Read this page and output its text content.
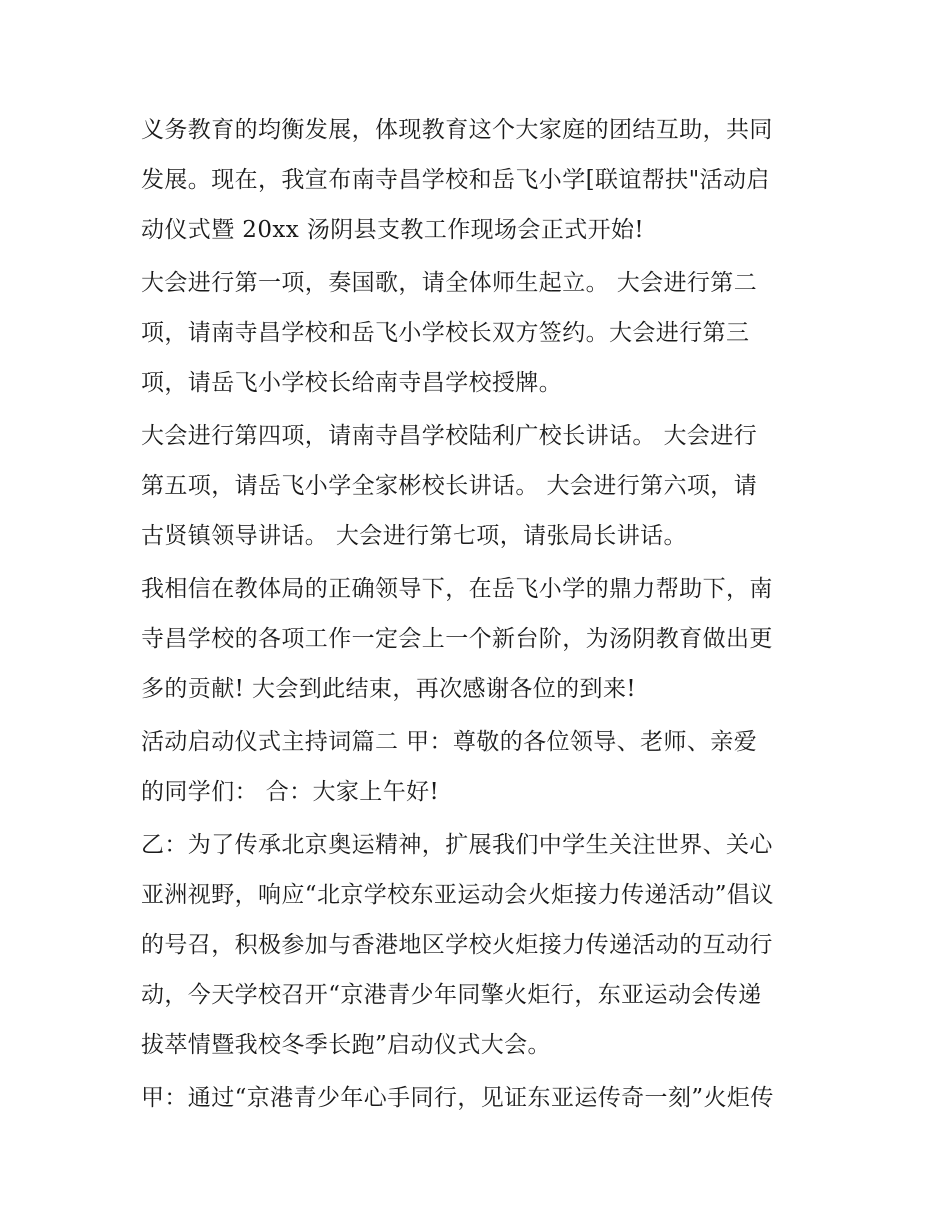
义务教育的均衡发展，体现教育这个大家庭的团结互助，共同
发展。现在，我宣布南寺昌学校和岳飞小学[联谊帮扶"活动启
动仪式暨 20xx 汤阴县支教工作现场会正式开始!

大会进行第一项，奏国歌，请全体师生起立。 大会进行第二
项，请南寺昌学校和岳飞小学校长双方签约。大会进行第三
项，请岳飞小学校长给南寺昌学校授牌。

大会进行第四项，请南寺昌学校陆利广校长讲话。 大会进行
第五项，请岳飞小学全家彬校长讲话。 大会进行第六项，请
古贤镇领导讲话。 大会进行第七项，请张局长讲话。

我相信在教体局的正确领导下，在岳飞小学的鼎力帮助下，南
寺昌学校的各项工作一定会上一个新台阶，为汤阴教育做出更
多的贡献! 大会到此结束，再次感谢各位的到来!

活动启动仪式主持词篇二 甲：尊敬的各位领导、老师、亲爱
的同学们： 合：大家上午好!

乙：为了传承北京奥运精神，扩展我们中学生关注世界、关心
亚洲视野，响应“北京学校东亚运动会火炬接力传递活动”倡议
的号召，积极参加与香港地区学校火炬接力传递活动的互动行
动，今天学校召开“京港青少年同擎火炬行，东亚运动会传递
拔萃情暨我校冬季长跑”启动仪式大会。

甲：通过“京港青少年心手同行，见证东亚运传奇一刻”火炬传
